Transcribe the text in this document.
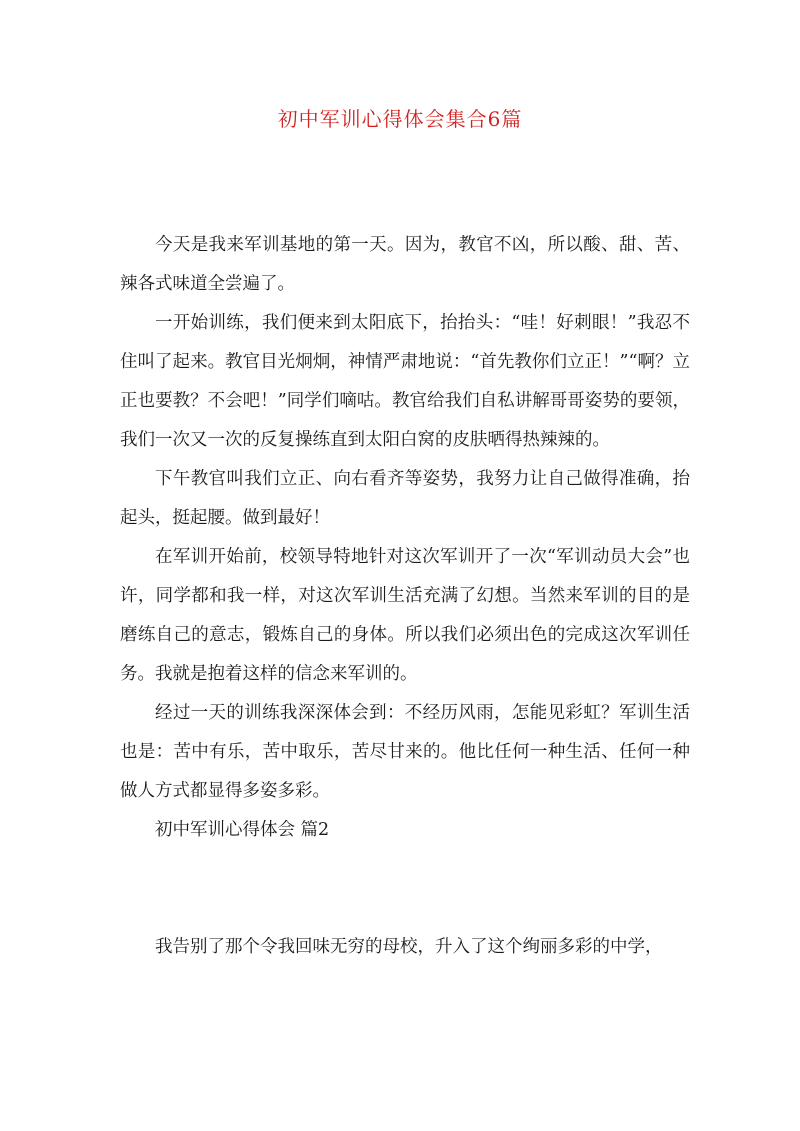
初中军训心得体会集合6篇

今天是我来军训基地的第一天。因为，教官不凶，所以酸、甜、苦、辣各式味道全尝遍了。

一开始训练，我们便来到太阳底下，抬抬头：“哇！好刺眼！”我忍不住叫了起来。教官目光炯炯，神情严肃地说：“首先教你们立正！”“啊？立正也要教？不会吧！”同学们嘀咕。教官给我们自私讲解哥哥姿势的要领，我们一次又一次的反复操练直到太阳白窝的皮肤晒得热辣辣的。

下午教官叫我们立正、向右看齐等姿势，我努力让自己做得准确，抬起头，挺起腰。做到最好！

在军训开始前，校领导特地针对这次军训开了一次“军训动员大会”也许，同学都和我一样，对这次军训生活充满了幻想。当然来军训的目的是磨练自己的意志，锻炼自己的身体。所以我们必须出色的完成这次军训任务。我就是抱着这样的信念来军训的。

经过一天的训练我深深体会到：不经历风雨，怎能见彩虹？军训生活也是：苦中有乐，苦中取乐，苦尽甘来的。他比任何一种生活、任何一种做人方式都显得多姿多彩。

初中军训心得体会 篇2

我告别了那个令我回味无穷的母校，升入了这个绚丽多彩的中学，
